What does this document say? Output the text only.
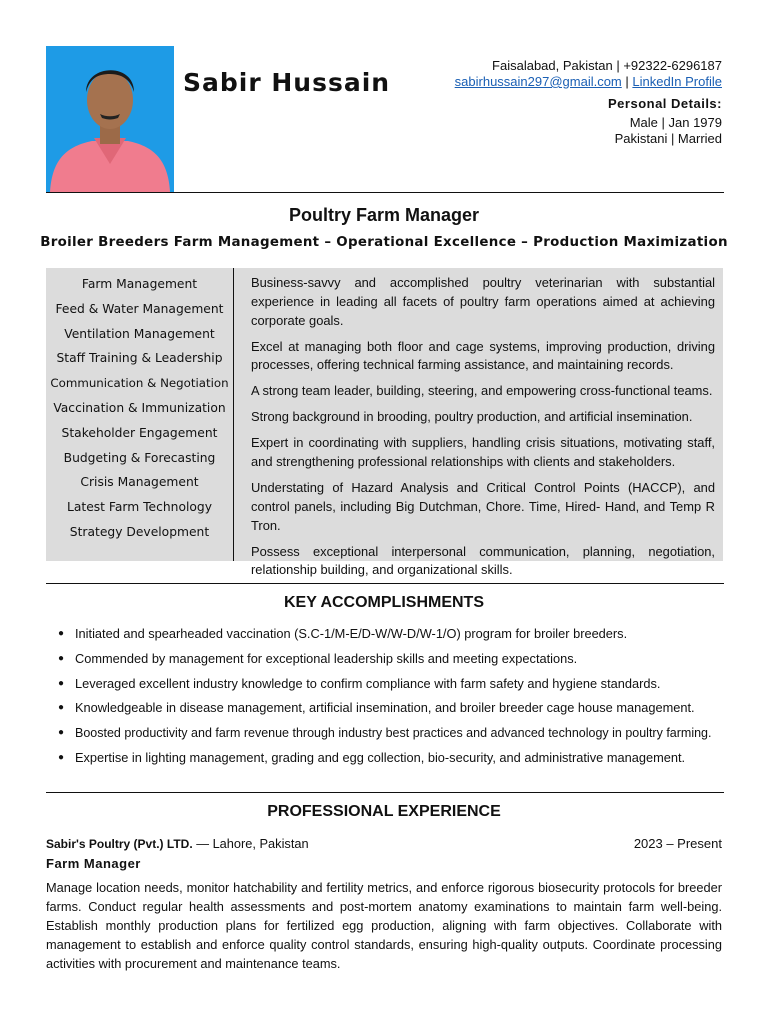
Sabir Hussain
Faisalabad, Pakistan | +92322-6296187
sabirhussain297@gmail.com | LinkedIn Profile
Personal Details:
Male | Jan 1979
Pakistani | Married
Poultry Farm Manager
Broiler Breeders Farm Management – Operational Excellence – Production Maximization
Farm Management
Feed & Water Management
Ventilation Management
Staff Training & Leadership
Communication & Negotiation
Vaccination & Immunization
Stakeholder Engagement
Budgeting & Forecasting
Crisis Management
Latest Farm Technology
Strategy Development

Business-savvy and accomplished poultry veterinarian with substantial experience in leading all facets of poultry farm operations aimed at achieving corporate goals.

Excel at managing both floor and cage systems, improving production, driving processes, offering technical farming assistance, and maintaining records.

A strong team leader, building, steering, and empowering cross-functional teams.

Strong background in brooding, poultry production, and artificial insemination.

Expert in coordinating with suppliers, handling crisis situations, motivating staff, and strengthening professional relationships with clients and stakeholders.

Understating of Hazard Analysis and Critical Control Points (HACCP), and control panels, including Big Dutchman, Chore. Time, Hired- Hand, and Temp R Tron.

Possess exceptional interpersonal communication, planning, negotiation, relationship building, and organizational skills.

KEY ACCOMPLISHMENTS
● Initiated and spearheaded vaccination (S.C-1/M-E/D-W/W-D/W-1/O) program for broiler breeders.
● Commended by management for exceptional leadership skills and meeting expectations.
● Leveraged excellent industry knowledge to confirm compliance with farm safety and hygiene standards.
● Knowledgeable in disease management, artificial insemination, and broiler breeder cage house management.
● Boosted productivity and farm revenue through industry best practices and advanced technology in poultry farming.
● Expertise in lighting management, grading and egg collection, bio-security, and administrative management.
PROFESSIONAL EXPERIENCE
Sabir's Poultry (Pvt.) LTD. — Lahore, Pakistan	2023 – Present
Farm Manager
Manage location needs, monitor hatchability and fertility metrics, and enforce rigorous biosecurity protocols for breeder farms. Conduct regular health assessments and post-mortem anatomy examinations to maintain farm well-being. Establish monthly production plans for fertilized egg production, aligning with farm objectives. Collaborate with management to establish and enforce quality control standards, ensuring high-quality outputs. Coordinate processing activities with procurement and maintenance teams.
